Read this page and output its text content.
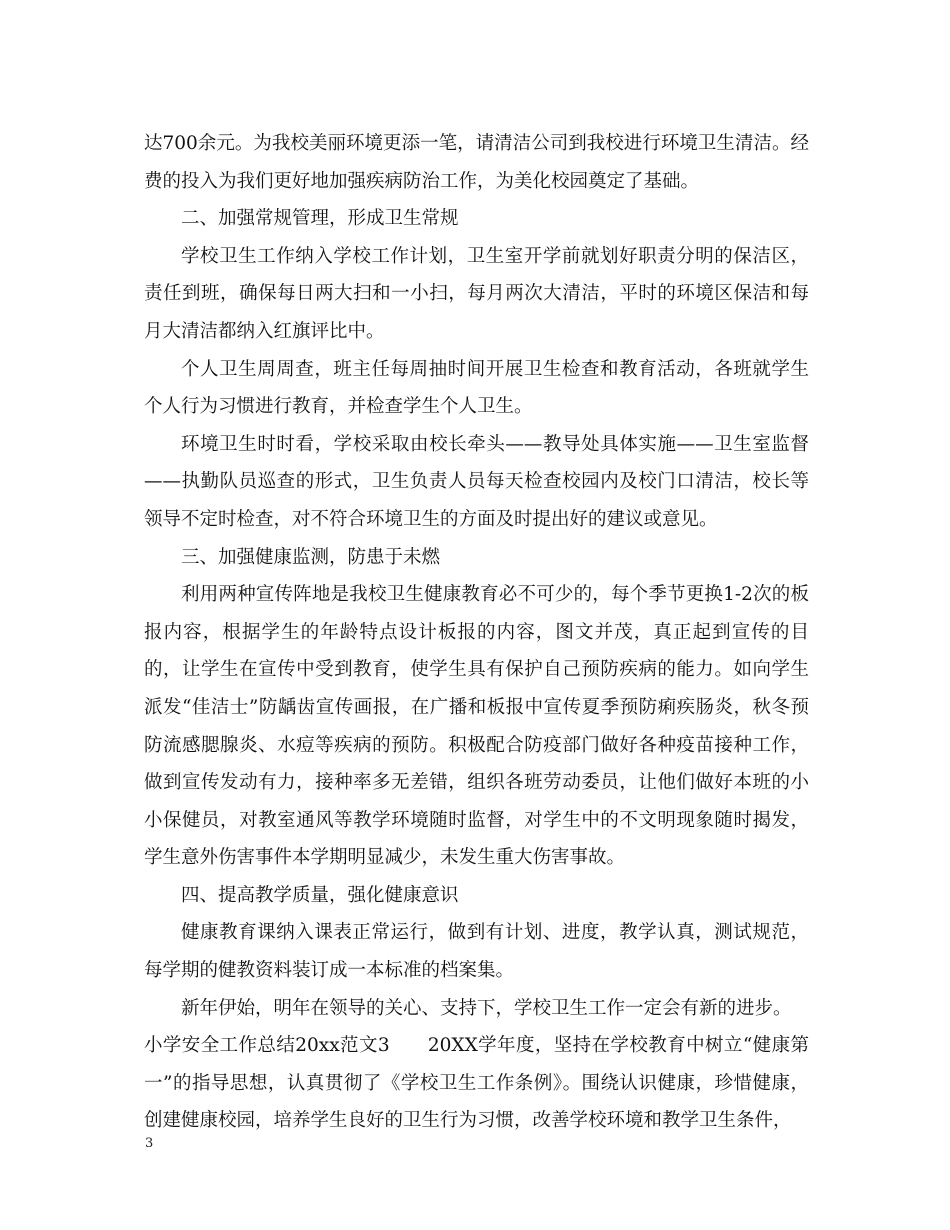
达700余元。为我校美丽环境更添一笔，请清洁公司到我校进行环境卫生清洁。经费的投入为我们更好地加强疾病防治工作，为美化校园奠定了基础。

二、加强常规管理，形成卫生常规

学校卫生工作纳入学校工作计划，卫生室开学前就划好职责分明的保洁区，责任到班，确保每日两大扫和一小扫，每月两次大清洁，平时的环境区保洁和每月大清洁都纳入红旗评比中。

个人卫生周周查，班主任每周抽时间开展卫生检查和教育活动，各班就学生个人行为习惯进行教育，并检查学生个人卫生。

环境卫生时时看，学校采取由校长牵头——教导处具体实施——卫生室监督——执勤队员巡查的形式，卫生负责人员每天检查校园内及校门口清洁，校长等领导不定时检查，对不符合环境卫生的方面及时提出好的建议或意见。

三、加强健康监测，防患于未燃

利用两种宣传阵地是我校卫生健康教育必不可少的，每个季节更换1-2次的板报内容，根据学生的年龄特点设计板报的内容，图文并茂，真正起到宣传的目的，让学生在宣传中受到教育，使学生具有保护自己预防疾病的能力。如向学生派发“佳洁士”防龋齿宣传画报，在广播和板报中宣传夏季预防痢疾肠炎，秋冬预防流感腮腺炎、水痘等疾病的预防。积极配合防疫部门做好各种疫苗接种工作，做到宣传发动有力，接种率多无差错，组织各班劳动委员，让他们做好本班的小小保健员，对教室通风等教学环境随时监督，对学生中的不文明现象随时揭发，学生意外伤害事件本学期明显减少，未发生重大伤害事故。

四、提高教学质量，强化健康意识

健康教育课纳入课表正常运行，做到有计划、进度，教学认真，测试规范，每学期的健教资料装订成一本标准的档案集。

新年伊始，明年在领导的关心、支持下，学校卫生工作一定会有新的进步。

小学安全工作总结20xx范文3　　20XX学年度，坚持在学校教育中树立“健康第一”的指导思想，认真贯彻了《学校卫生工作条例》。围绕认识健康，珍惜健康，创建健康校园，培养学生良好的卫生行为习惯，改善学校环境和教学卫生条件，

3
